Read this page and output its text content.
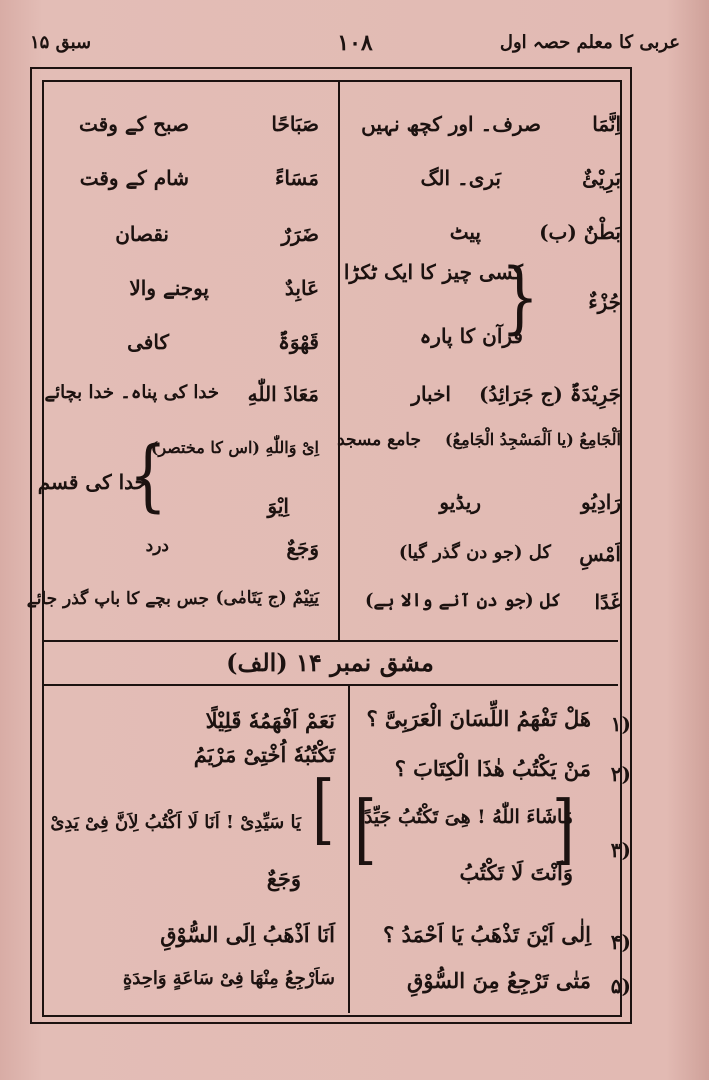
عربی کا معلم حصہ اول
۱۰۸
سبق ۱۵
اِنَّمَا
صرف۔ اور کچھ نہیں
بَرِیْئٌ
بَری۔ الگ
بَطْنٌ (ب)
پیٹ
جُزْءٌ
{
کسی چیز کا ایک ٹکڑا
قرآن کا پارہ
جَرِیْدَۃٌ (ج جَرَائِدُ)
اخبار
اَلْجَامِعُ (یا اَلْمَسْجِدُ الْجَامِعُ)
جامع مسجد
رَادِیُو
ریڈیو
اَمْسِ
کل (جو دن گذر گیا)
غَدًا
کل (جو دن آنے والا ہے)
صَبَاحًا
صبح کے وقت
مَسَاءً
شام کے وقت
ضَرَرٌ
نقصان
عَابِدٌ
پوجنے والا
قَهْوَۃٌ
کافی
مَعَاذَ اللّٰهِ
خدا کی پناہ۔ خدا بچائے
اِیْ وَاللّٰهِ (اس کا مختصر)
اِیْوَ
}
خدا کی قسم
وَجَعٌ
درد
یَتِیْمٌ (ج یَتَامٰی)
جس بچے کا باپ گذر جائے
مشق نمبر ۱۴ (الف)
(۱
هَلْ تَفْهَمُ اللِّسَانَ الْعَرَبِیَّ ؟
(۲
مَنْ یَکْتُبُ هٰذَا الْکِتَابَ ؟
[	] (۳
مَاشَاءَ اللّٰهُ ! هِیَ تَکْتُبُ جَیِّدًا
وَاَنْتَ لَا تَکْتُبُ
(۴
اِلٰی اَیْنَ تَذْهَبُ یَا اَحْمَدُ ؟
(۵
مَتٰی تَرْجِعُ مِنَ السُّوْقِ
نَعَمْ اَفْهَمُهٗ قَلِیْلًا
تَکْتُبُهٗ اُخْتِیْ مَرْیَمُ
[
یَا سَیِّدِیْ ! اَنَا لَا اَکْتُبُ لِاَنَّ فِیْ یَدِیْ
وَجَعٌ
اَنَا اَذْهَبُ اِلَی السُّوْقِ
سَاَرْجِعُ مِنْهَا فِیْ سَاعَةٍ وَاحِدَةٍ
